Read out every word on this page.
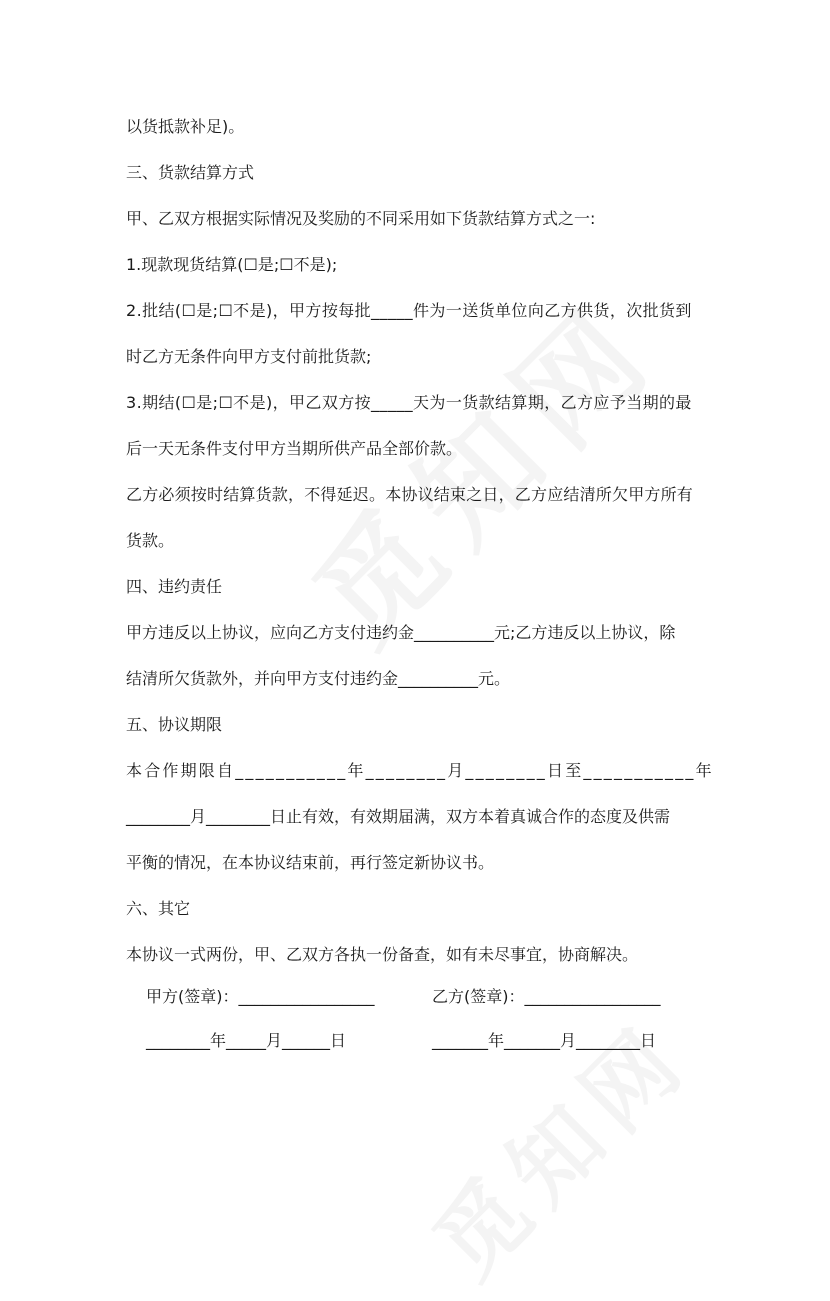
以货抵款补足)。
三、货款结算方式
甲、乙双方根据实际情况及奖励的不同采用如下货款结算方式之一:
1.现款现货结算(☐是;☐不是);
2.批结(☐是;☐不是)，甲方按每批_____件为一送货单位向乙方供货，次批货到
时乙方无条件向甲方支付前批货款;
3.期结(☐是;☐不是)，甲乙双方按_____天为一货款结算期，乙方应予当期的最
后一天无条件支付甲方当期所供产品全部价款。
乙方必须按时结算货款，不得延迟。本协议结束之日，乙方应结清所欠甲方所有
货款。
四、违约责任
甲方违反以上协议，应向乙方支付违约金__________元;乙方违反以上协议，除
结清所欠货款外，并向甲方支付违约金__________元。
五、协议期限
本合作期限自___________年________月________日至___________年
________月________日止有效，有效期届满，双方本着真诚合作的态度及供需
平衡的情况，在本协议结束前，再行签定新协议书。
六、其它
本协议一式两份，甲、乙双方各执一份备查，如有未尽事宜，协商解决。
甲方(签章)：_________________	乙方(签章)：_________________
________年_____月______日	_______年_______月________日
